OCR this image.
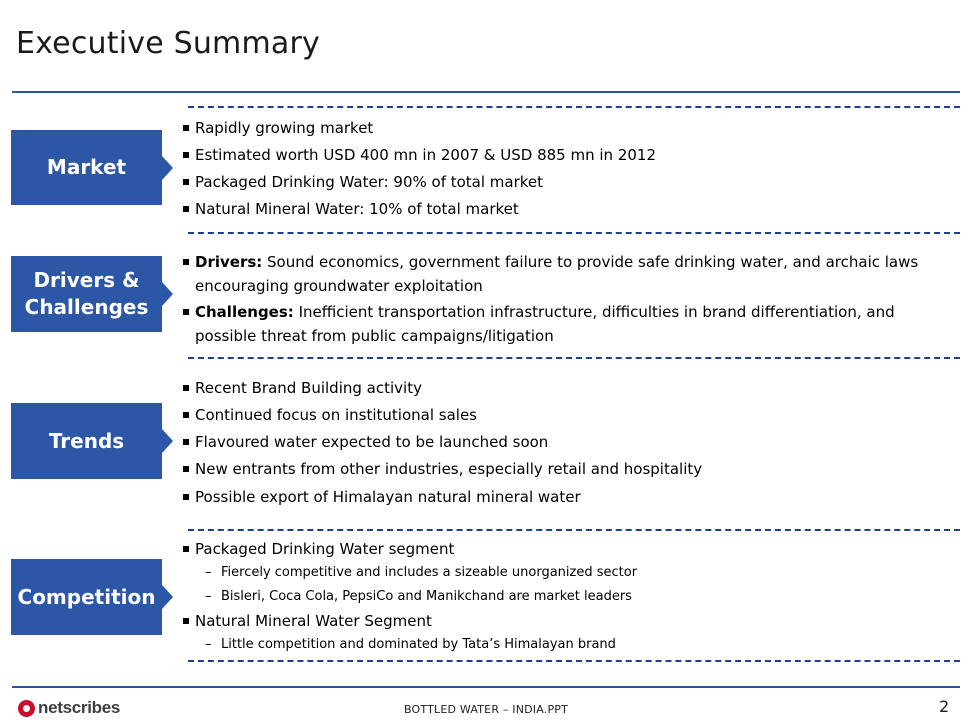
Executive Summary
Market
Rapidly growing market
Estimated worth USD 400 mn in 2007 & USD 885 mn in 2012
Packaged Drinking Water: 90% of total market
Natural Mineral Water: 10% of total market
Drivers &
Challenges
Drivers: Sound economics, government failure to provide safe drinking water, and archaic laws encouraging groundwater exploitation
Challenges: Inefficient transportation infrastructure, difficulties in brand differentiation, and possible threat from public campaigns/litigation
Trends
Recent Brand Building activity
Continued focus on institutional sales
Flavoured water expected to be launched soon
New entrants from other industries, especially retail and hospitality
Possible export of Himalayan natural mineral water
Competition
Packaged Drinking Water segment
– Fiercely competitive and includes a sizeable unorganized sector
– Bisleri, Coca Cola, PepsiCo and Manikchand are market leaders
Natural Mineral Water Segment
– Little competition and dominated by Tata’s Himalayan brand
netscribes	BOTTLED WATER – INDIA.PPT	2
